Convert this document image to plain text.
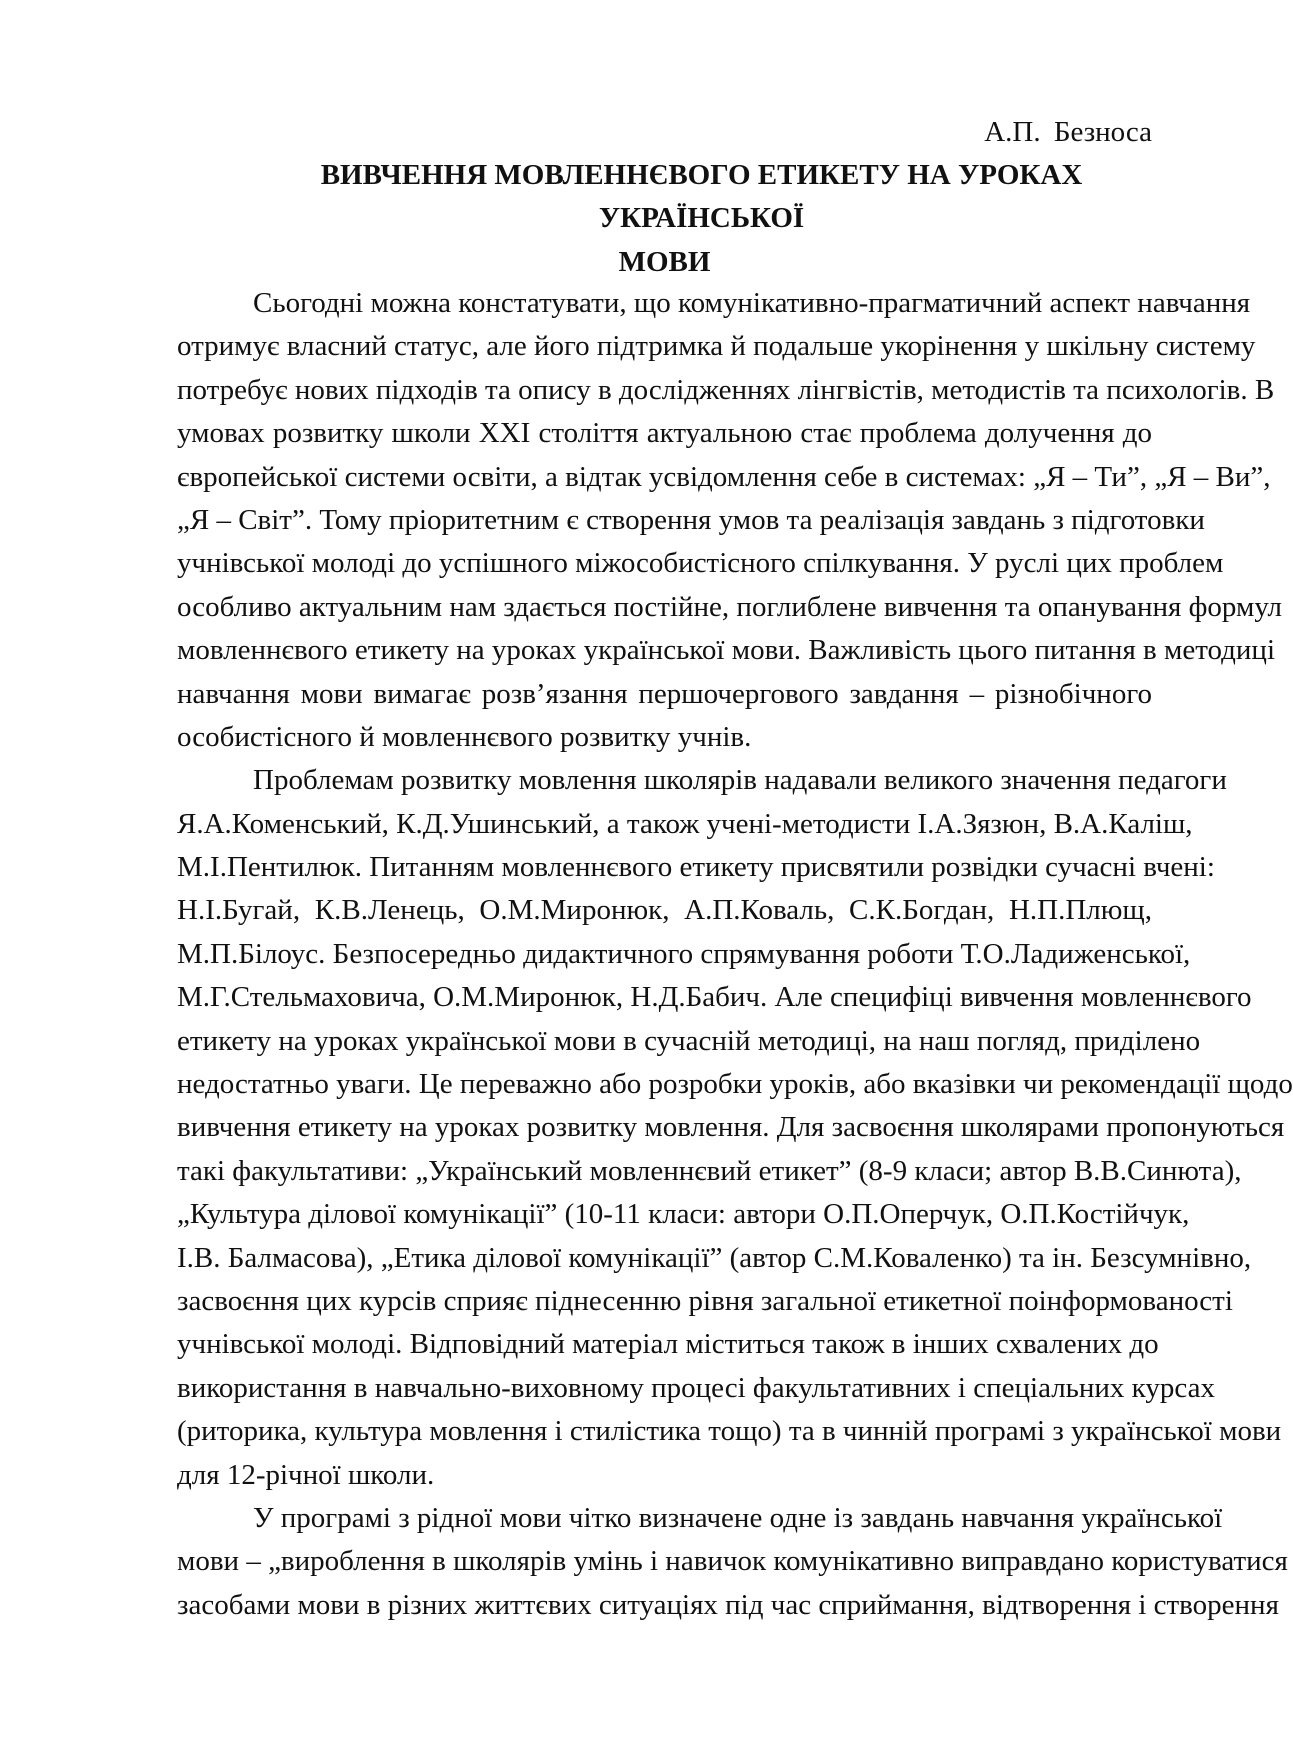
А.П. Безноса
ВИВЧЕННЯ МОВЛЕННЄВОГО ЕТИКЕТУ НА УРОКАХ УКРАЇНСЬКОЇ
МОВИ
Сьогодні можна констатувати, що комунікативно-прагматичний аспект навчання
отримує власний статус, але його підтримка й подальше укорінення у шкільну систему
потребує нових підходів та опису в дослідженнях лінгвістів, методистів та психологів. В
умовах розвитку школи ХХІ століття актуальною стає проблема долучення до
європейської системи освіти, а відтак усвідомлення себе в системах: „Я – Ти”, „Я – Ви”,
„Я – Світ”. Тому пріоритетним є створення умов та реалізація завдань з підготовки
учнівської молоді до успішного міжособистісного спілкування. У руслі цих проблем
особливо актуальним нам здається постійне, поглиблене вивчення та опанування формул
мовленнєвого етикету на уроках української мови. Важливість цього питання в методиці
навчання мови вимагає розв’язання першочергового завдання – різнобічного
особистісного й мовленнєвого розвитку учнів.
Проблемам розвитку мовлення школярів надавали великого значення педагоги
Я.А.Коменський, К.Д.Ушинський, а також учені-методисти І.А.Зязюн, В.А.Каліш,
М.І.Пентилюк. Питанням мовленнєвого етикету присвятили розвідки сучасні вчені:
Н.І.Бугай, К.В.Ленець, О.М.Миронюк, А.П.Коваль, С.К.Богдан, Н.П.Плющ,
М.П.Білоус. Безпосередньо дидактичного спрямування роботи Т.О.Ладиженської,
М.Г.Стельмаховича, О.М.Миронюк, Н.Д.Бабич. Але специфіці вивчення мовленнєвого
етикету на уроках української мови в сучасній методиці, на наш погляд, приділено
недостатньо уваги. Це переважно або розробки уроків, або вказівки чи рекомендації щодо
вивчення етикету на уроках розвитку мовлення. Для засвоєння школярами пропонуються
такі факультативи: „Український мовленнєвий етикет” (8-9 класи; автор В.В.Синюта),
„Культура ділової комунікації” (10-11 класи: автори О.П.Оперчук, О.П.Костійчук,
І.В. Балмасова), „Етика ділової комунікації” (автор С.М.Коваленко) та ін. Безсумнівно,
засвоєння цих курсів сприяє піднесенню рівня загальної етикетної поінформованості
учнівської молоді. Відповідний матеріал міститься також в інших схвалених до
використання в навчально-виховному процесі факультативних і спеціальних курсах
(риторика, культура мовлення і стилістика тощо) та в чинній програмі з української мови
для 12-річної школи.
У програмі з рідної мови чітко визначене одне із завдань навчання української
мови – „вироблення в школярів умінь і навичок комунікативно виправдано користуватися
засобами мови в різних життєвих ситуаціях під час сприймання, відтворення і створення
